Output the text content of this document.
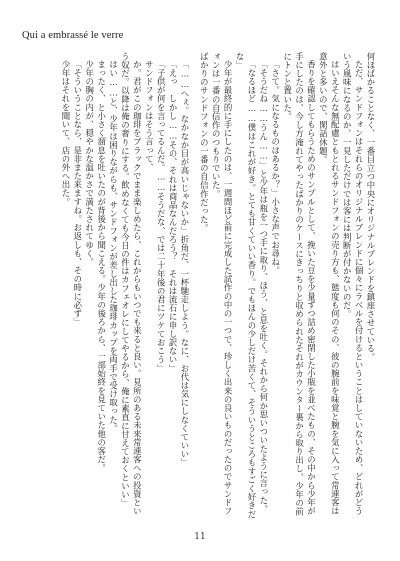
Qui a embrassé le verre

「……へぇ。なかなか目が高いじゃないか」折角だ、一杯馳走しよう。なに、お代は気にしなくていい」

「えっ　しかし……その、それは商品なんだろう？　それは流石に申し訳ない」

「子供が何を言ってるんだ。……そうだな、では二十年後の君にツケておこう」

サンドフォンはそう言って、

か。君がこの珈琲をブラックでまま楽しめたら、これからもいつでも来ると良い。見所のある未来常連客への投資という奴だ。以降は俺の奢りにする。飲めなくても今日の件はカフェオレにしてやるから、俺に素直に甘えておくといい」

はい……と、少年は困りながらも、サンドフォンが差し出した珈琲カップを両手で受け取った。

まったく、と小さく溜息を吐いたのが背後から聞こえる。少年の後ろから、一部始終を見ていた他の客だ。

少年の胸の内が、穏やかな温かさで満たされてゆく。

「そういうことなら、是非また来ますね。お返しも、その時に必ず」

少年はそれを聞いて、店の外へ出た。	何ほばかることなく、一番目立つ中央にオリジナルブレンドを鎮座させている。

ただ、サンドフォンはそれらのオリジナルブレンドに個々にラベルを付けるということはしていないため、どれがどういう風味になるのか、一見しただけでは客には判断が付かないのだ。

はいえそんな無配慮ともとれるサンドフォンの売り方も、態度も何のその、彼の腕前を味覚と腕を気に入って常連客は意外と多いので、閑話休題。

香りを確認してもらうためのサンプルとして、挽いた豆を少量ずつ詰め密閉した小瓶を並べたもの、その中から少年が手にしたのは、今し方淹れてやったばかりのケースにきっちりと収められたそれがカウンター裏から取り出し、少年の前にトンと置いた。

「さて。気になるものはあるか？」小さな声でお尋ね。

「そうだね……うん……」と少年は瓶を一つ手に取り、ほう、と息を吐く。それから何か思いついたように言った。

「なるほど……僕はこれが好き。とても甘くていい香り。でもほんの少しだけ苦くて、そういうところもすごく好きだな」

少年が最終的に手にしたのは、一週間ほど前に完成した試作の中の一つで、珍しく出来の良いものだったのでサンドフォンは一番の自信作のつもりでいた。

ばかりのサンドフォンの一番の自信作だった。

11
